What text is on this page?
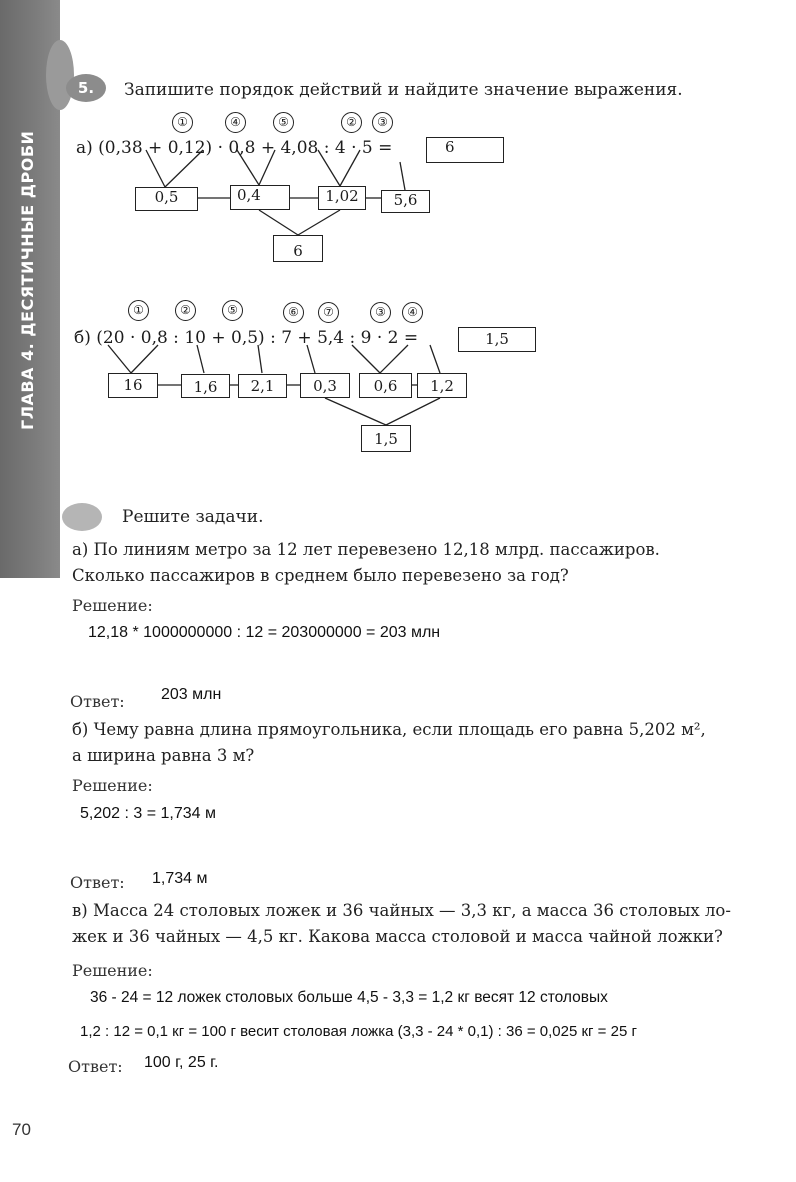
ГЛАВА 4. ДЕСЯТИЧНЫЕ ДРОБИ
5.	Запишите порядок действий и найдите значение выражения.
①	④	⑤	②	③
а) (0,38 + 0,12) · 0,8 + 4,08 : 4 · 5 =	6
0,5	0,4	1,02	5,6
6
①	②	⑤	⑥	⑦	③	④
б) (20 · 0,8 : 10 + 0,5) : 7 + 5,4 : 9 · 2 =	1,5
16	1,6	2,1	0,3	0,6	1,2
1,5
Решите задачи.
а) По линиям метро за 12 лет перевезено 12,18 млрд. пассажиров.
Сколько пассажиров в среднем было перевезено за год?
Решение:
12,18 * 1000000000 : 12 = 203000000 = 203 млн
Ответ: 203 млн
б) Чему равна длина прямоугольника, если площадь его равна 5,202 м²,
а ширина равна 3 м?
Решение:
5,202 : 3 = 1,734 м
Ответ: 1,734 м
в) Масса 24 столовых ложек и 36 чайных — 3,3 кг, а масса 36 столовых ло-
жек и 36 чайных — 4,5 кг. Какова масса столовой и масса чайной ложки?
Решение:
36 - 24 = 12 ложек столовых больше 4,5 - 3,3 = 1,2 кг весят 12 столовых
1,2 : 12 = 0,1 кг = 100 г весит столовая ложка (3,3 - 24 * 0,1) : 36 = 0,025 кг = 25 г
Ответ: 100 г, 25 г.
70
